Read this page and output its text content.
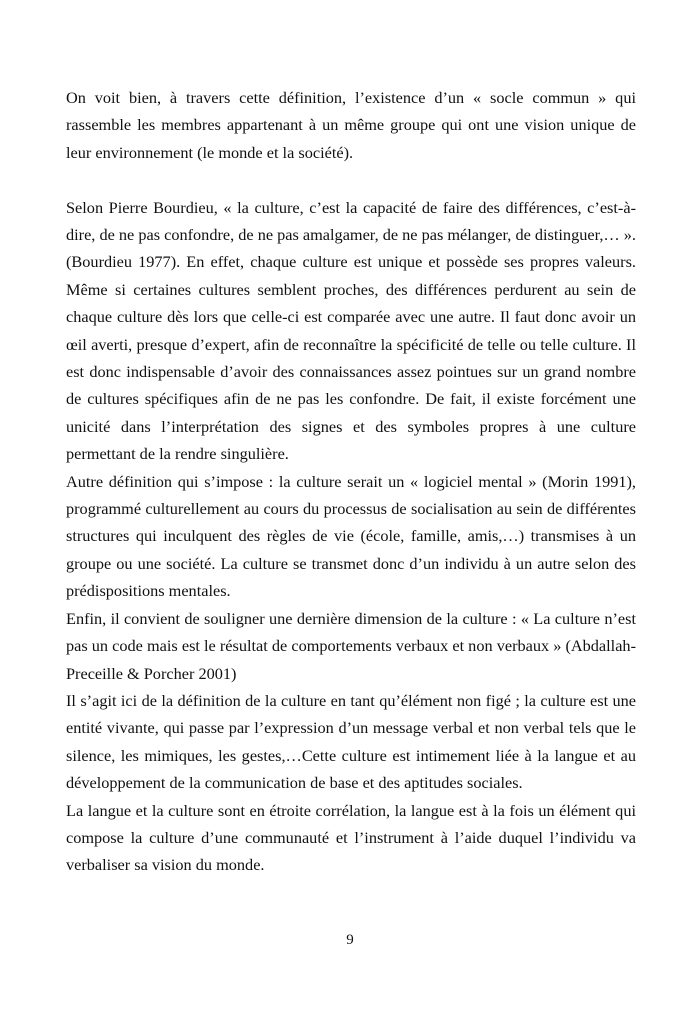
On voit bien, à travers cette définition, l’existence d’un « socle commun » qui rassemble les membres appartenant à un même groupe qui ont une vision unique de leur environnement (le monde et la société).

Selon Pierre Bourdieu, « la culture, c’est la capacité de faire des différences, c’est-à-dire, de ne pas confondre, de ne pas amalgamer, de ne pas mélanger, de distinguer,… ». (Bourdieu 1977). En effet, chaque culture est unique et possède ses propres valeurs. Même si certaines cultures semblent proches, des différences perdurent au sein de chaque culture dès lors que celle-ci est comparée avec une autre. Il faut donc avoir un œil averti, presque d’expert, afin de reconnaître la spécificité de telle ou telle culture. Il est donc indispensable d’avoir des connaissances assez pointues sur un grand nombre de cultures spécifiques afin de ne pas les confondre. De fait, il existe forcément une unicité dans l’interprétation des signes et des symboles propres à une culture permettant de la rendre singulière.

Autre définition qui s’impose : la culture serait un « logiciel mental » (Morin 1991), programmé culturellement au cours du processus de socialisation au sein de différentes structures qui inculquent des règles de vie (école, famille, amis,…) transmises à un groupe ou une société. La culture se transmet donc d’un individu à un autre selon des prédispositions mentales.

Enfin, il convient de souligner une dernière dimension de la culture : « La culture n’est pas un code mais est le résultat de comportements verbaux et non verbaux » (Abdallah-Preceille & Porcher 2001)

Il s’agit ici de la définition de la culture en tant qu’élément non figé ; la culture est une entité vivante, qui passe par l’expression d’un message verbal et non verbal tels que le silence, les mimiques, les gestes,…Cette culture est intimement liée à la langue et au développement de la communication de base et des aptitudes sociales.

La langue et la culture sont en étroite corrélation, la langue est à la fois un élément qui compose la culture d’une communauté et l’instrument à l’aide duquel l’individu va verbaliser sa vision du monde.

9
